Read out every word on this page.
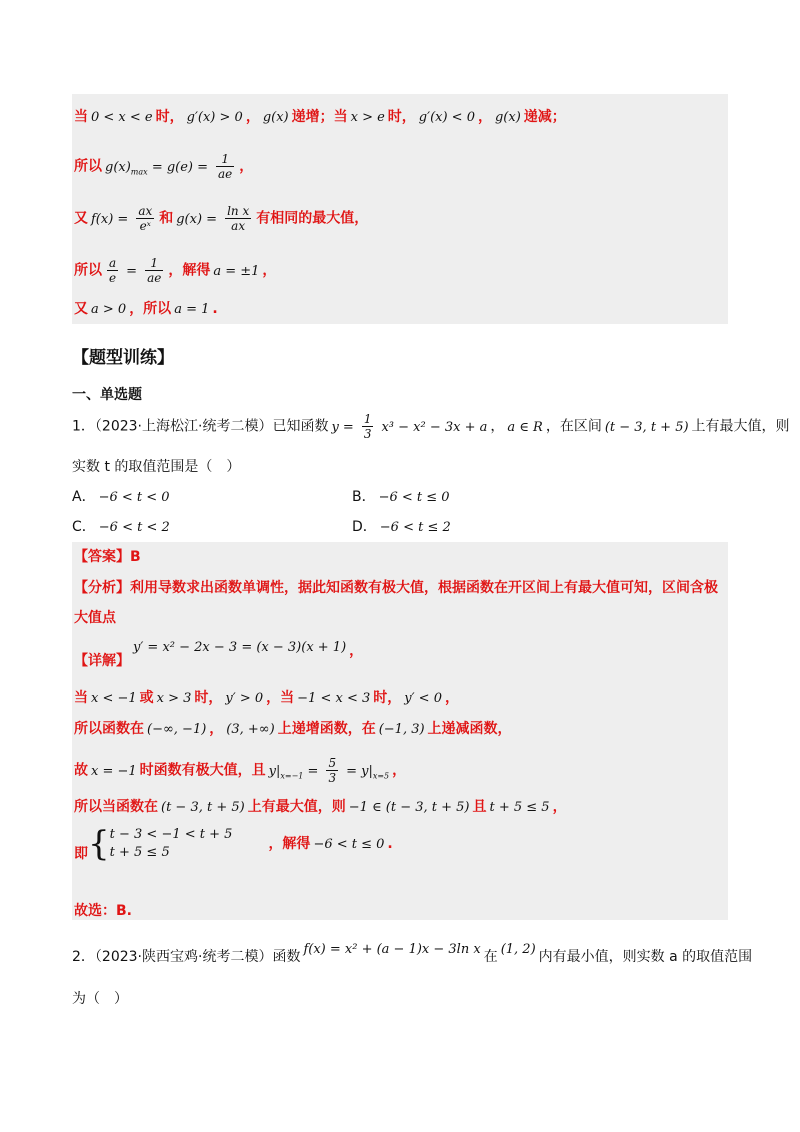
当 0 < x < e 时， g′(x) > 0 ， g(x) 递增；当 x > e 时， g′(x) < 0 ， g(x) 递减；
所以 $g(x)_{max} = g(e) = \frac{1}{ae}$ ，
又 $f(x) = \frac{ax}{\text{eˣ}}$ 和 $g(x) = \frac{\text{ln x}}{ax}$ 有相同的最大值，
所以 $\frac{a}{e} = \frac{1}{ae}$ ，解得 a = ±1 ，
又 a > 0 ，所以 a = 1 .
【题型训练】
一、单选题
1．（2023·上海松江·统考二模）已知函数 $y = \frac{1}{3} x^3 - x^2 - 3x + a$ ， a ∈ R ，在区间 (t − 3, t + 5) 上有最大值，则
实数 t 的取值范围是（　）
A． −6 < t < 0	B． −6 < t ≤ 0
C． −6 < t < 2	D． −6 < t ≤ 2
【答案】B
【分析】利用导数求出函数单调性，据此知函数有极大值，根据函数在开区间上有最大值可知，区间含极
大值点
【详解】y′ = x² − 2x − 3 = (x − 3)(x + 1) ，
当 x < −1 或 x > 3 时， y′ > 0 ，当 −1 < x < 3 时， y′ < 0 ，
所以函数在 (−∞, −1) ， (3, +∞) 上递增函数，在 (−1, 3) 上递减函数，
故 x = −1 时函数有极大值，且 $y|_{x=-1} = \frac{5}{3} = y|_{x=5}$ ，
所以当函数在 (t − 3, t + 5) 上有最大值，则 −1 ∈ (t − 3, t + 5) 且 t + 5 ≤ 5 ，
即 { t − 3 < −1 < t + 5
t + 5 ≤ 5
，解得 −6 < t ≤ 0 .
故选：B.
2．（2023·陕西宝鸡·统考二模）函数 f(x) = x² + (a − 1)x − 3ln x 在 (1, 2) 内有最小值，则实数 a 的取值范围
为（　）
